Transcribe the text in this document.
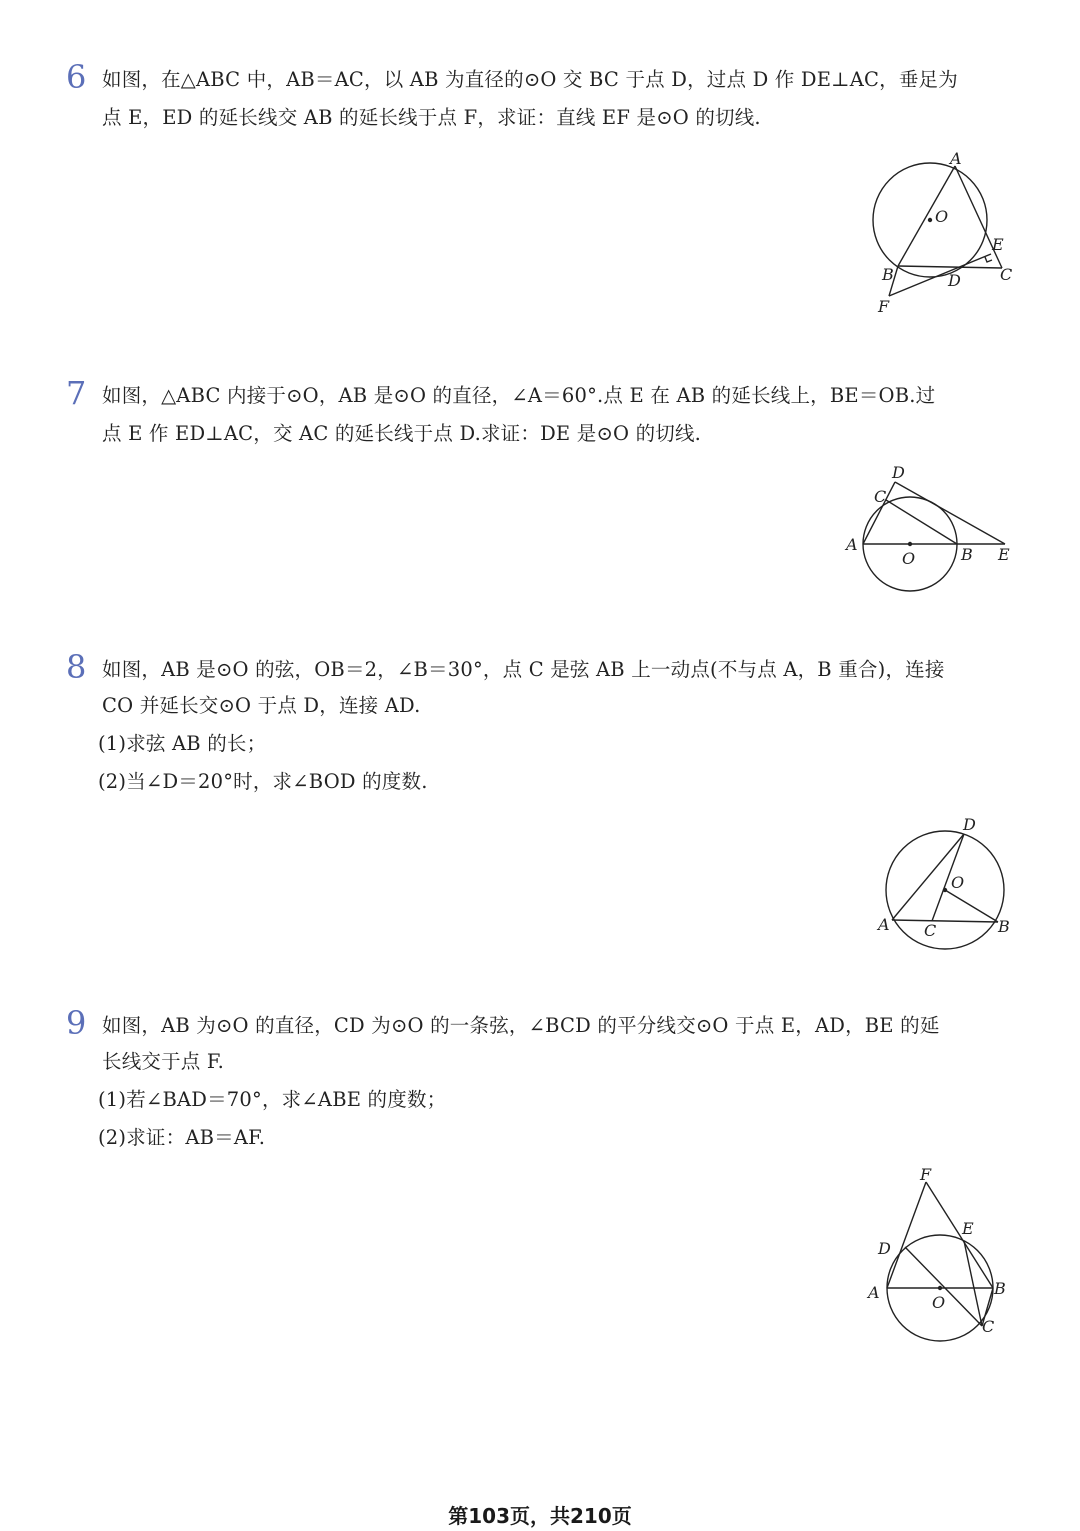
6 如图，在△ABC 中，AB＝AC，以 AB 为直径的⊙O 交 BC 于点 D，过点 D 作 DE⊥AC，垂足为
点 E，ED 的延长线交 AB 的延长线于点 F，求证：直线 EF 是⊙O 的切线.
A
O
E
B	D C
F
7 如图，△ABC 内接于⊙O，AB 是⊙O 的直径，∠A＝60°.点 E 在 AB 的延长线上，BE＝OB.过
点 E 作 ED⊥AC，交 AC 的延长线于点 D.求证：DE 是⊙O 的切线.
D
C
A
O	B E
8 如图，AB 是⊙O 的弦，OB＝2，∠B＝30°，点 C 是弦 AB 上一动点(不与点 A，B 重合)，连接
CO 并延长交⊙O 于点 D，连接 AD.
(1)求弦 AB 的长；
(2)当∠D＝20°时，求∠BOD 的度数.
D
O
A C	B
9 如图，AB 为⊙O 的直径，CD 为⊙O 的一条弦，∠BCD 的平分线交⊙O 于点 E，AD，BE 的延
长线交于点 F.
(1)若∠BAD＝70°，求∠ABE 的度数；
(2)求证：AB＝AF.
F
E
D
A
O
B
C
第103页，共210页
